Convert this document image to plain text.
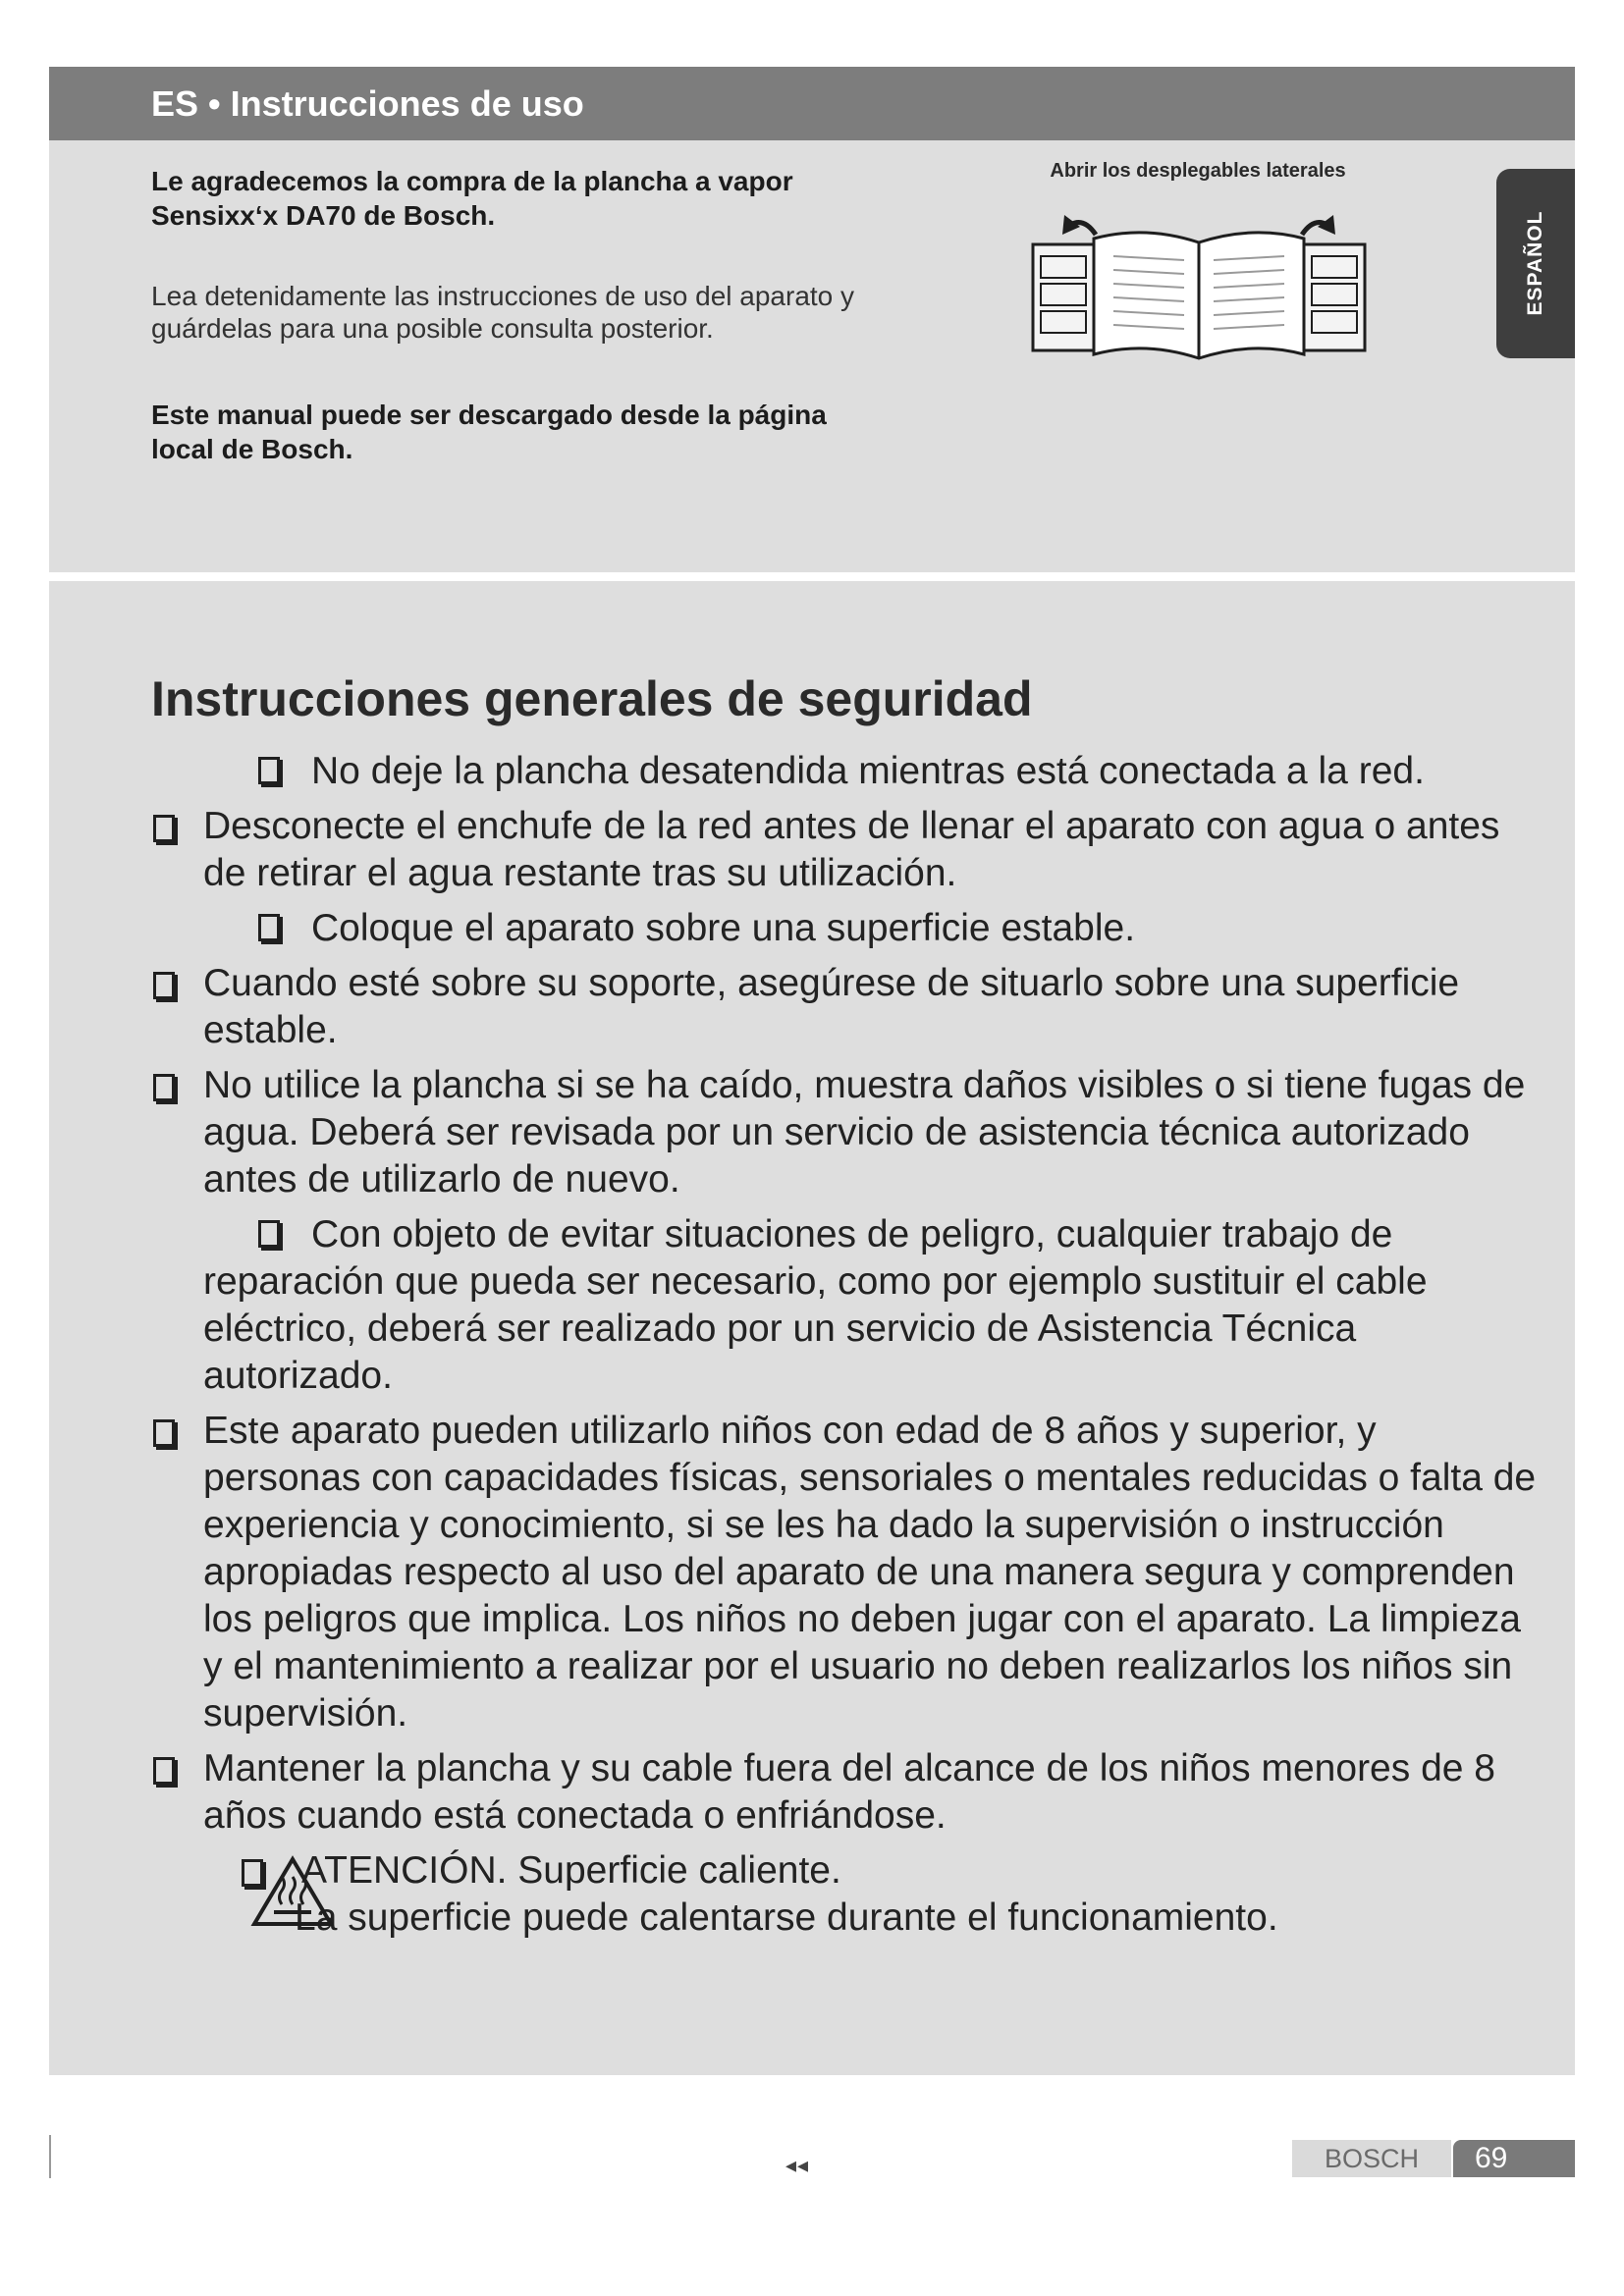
ES • Instrucciones de uso

Le agradecemos la compra de la plancha a vapor Sensixx‘x DA70 de Bosch.

Lea detenidamente las instrucciones de uso del aparato y guárdelas para una posible consulta posterior.

Este manual puede ser descargado desde la página local de Bosch.

Abrir los desplegables laterales

ESPAÑOL
Instrucciones generales de seguridad
No deje la plancha desatendida mientras está conectada a la red.
Desconecte el enchufe de la red antes de llenar el aparato con agua o antes de retirar el agua restante tras su utilización.
Coloque el aparato sobre una superficie estable.
Cuando esté sobre su soporte, asegúrese de situarlo sobre una superficie estable.
No utilice la plancha si se ha caído, muestra daños visibles o si tiene fugas de agua. Deberá ser revisada por un servicio de asistencia técnica autorizado antes de utilizarlo de nuevo.
Con objeto de evitar situaciones de peligro, cualquier trabajo de reparación que pueda ser necesario, como por ejemplo sustituir el cable eléctrico, deberá ser realizado por un servicio de Asistencia Técnica autorizado.
Este aparato pueden utilizarlo niños con edad de 8 años y superior, y personas con capacidades físicas, sensoriales o mentales reducidas o falta de experiencia y conocimiento, si se les ha dado la supervisión o instrucción apropiadas respecto al uso del aparato de una manera segura y comprenden los peligros que implica. Los niños no deben jugar con el aparato. La limpieza y el mantenimiento a realizar por el usuario no deben realizarlos los niños sin supervisión.
Mantener la plancha y su cable fuera del alcance de los niños menores de 8 años cuando está conectada o enfriándose.
ATENCIÓN. Superficie caliente.
La superficie puede calentarse durante el funcionamiento.
◂◂	BOSCH	69
